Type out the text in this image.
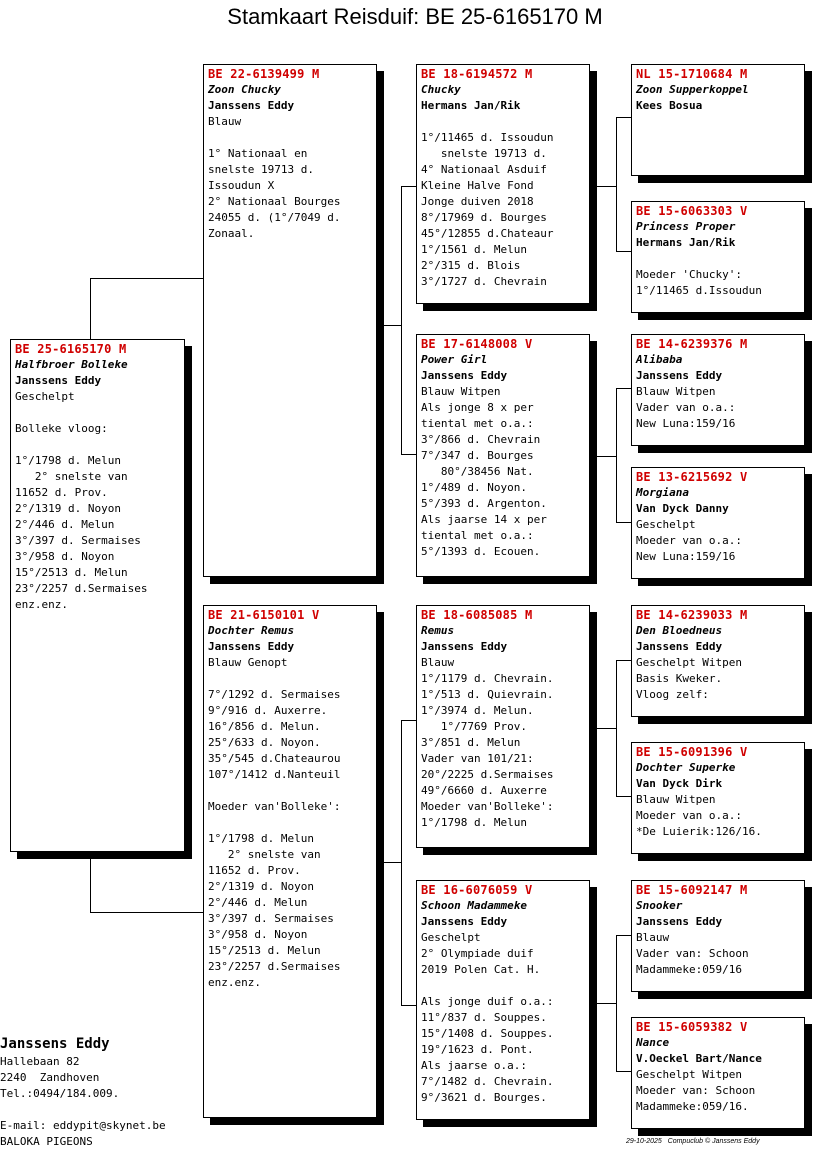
Stamkaart Reisduif: BE 25-6165170 M
BE 25-6165170 M
Halfbroer Bolleke
Janssens Eddy
Geschelpt
Bolleke vloog:
1°/1798 d. Melun
2° snelste van
11652 d. Prov.
2°/1319 d. Noyon
2°/446 d. Melun
3°/397 d. Sermaises
3°/958 d. Noyon
15°/2513 d. Melun
23°/2257 d.Sermaises
enz.enz.
BE 22-6139499 M
Zoon Chucky
Janssens Eddy
Blauw
1° Nationaal en
snelste 19713 d.
Issoudun X
2° Nationaal Bourges
24055 d. (1°/7049 d.
Zonaal.
BE 21-6150101 V
Dochter Remus
Janssens Eddy
Blauw Genopt
7°/1292 d. Sermaises
9°/916 d. Auxerre.
16°/856 d. Melun.
25°/633 d. Noyon.
35°/545 d.Chateaurou
107°/1412 d.Nanteuil
Moeder van'Bolleke':
1°/1798 d. Melun
2° snelste van
11652 d. Prov.
2°/1319 d. Noyon
2°/446 d. Melun
3°/397 d. Sermaises
3°/958 d. Noyon
15°/2513 d. Melun
23°/2257 d.Sermaises
enz.enz.
BE 18-6194572 M
Chucky
Hermans Jan/Rik
1°/11465 d. Issoudun
snelste 19713 d.
4° Nationaal Asduif
Kleine Halve Fond
Jonge duiven 2018
8°/17969 d. Bourges
45°/12855 d.Chateaur
1°/1561 d. Melun
2°/315 d. Blois
3°/1727 d. Chevrain
BE 17-6148008 V
Power Girl
Janssens Eddy
Blauw Witpen
Als jonge 8 x per
tiental met o.a.:
3°/866 d. Chevrain
7°/347 d. Bourges
80°/38456 Nat.
1°/489 d. Noyon.
5°/393 d. Argenton.
Als jaarse 14 x per
tiental met o.a.:
5°/1393 d. Ecouen.
BE 18-6085085 M
Remus
Janssens Eddy
Blauw
1°/1179 d. Chevrain.
1°/513 d. Quievrain.
1°/3974 d. Melun.
1°/7769 Prov.
3°/851 d. Melun
Vader van 101/21:
20°/2225 d.Sermaises
49°/6660 d. Auxerre
Moeder van'Bolleke':
1°/1798 d. Melun
BE 16-6076059 V
Schoon Madammeke
Janssens Eddy
Geschelpt
2° Olympiade duif
2019 Polen Cat. H.
Als jonge duif o.a.:
11°/837 d. Souppes.
15°/1408 d. Souppes.
19°/1623 d. Pont.
Als jaarse o.a.:
7°/1482 d. Chevrain.
9°/3621 d. Bourges.
NL 15-1710684 M
Zoon Supperkoppel
Kees Bosua
BE 15-6063303 V
Princess Proper
Hermans Jan/Rik
Moeder 'Chucky':
1°/11465 d.Issoudun
BE 14-6239376 M
Alibaba
Janssens Eddy
Blauw Witpen
Vader van o.a.:
New Luna:159/16
BE 13-6215692 V
Morgiana
Van Dyck Danny
Geschelpt
Moeder van o.a.:
New Luna:159/16
BE 14-6239033 M
Den Bloedneus
Janssens Eddy
Geschelpt Witpen
Basis Kweker.
Vloog zelf:
BE 15-6091396 V
Dochter Superke
Van Dyck Dirk
Blauw Witpen
Moeder van o.a.:
*De Luierik:126/16.
BE 15-6092147 M
Snooker
Janssens Eddy
Blauw
Vader van: Schoon
Madammeke:059/16
BE 15-6059382 V
Nance
V.Oeckel Bart/Nance
Geschelpt Witpen
Moeder van: Schoon
Madammeke:059/16.
Janssens Eddy
Hallebaan 82
2240  Zandhoven
Tel.:0494/184.009.
E-mail: eddypit@skynet.be
BALOKA PIGEONS	29-10-2025   Compuclub © Janssens Eddy
